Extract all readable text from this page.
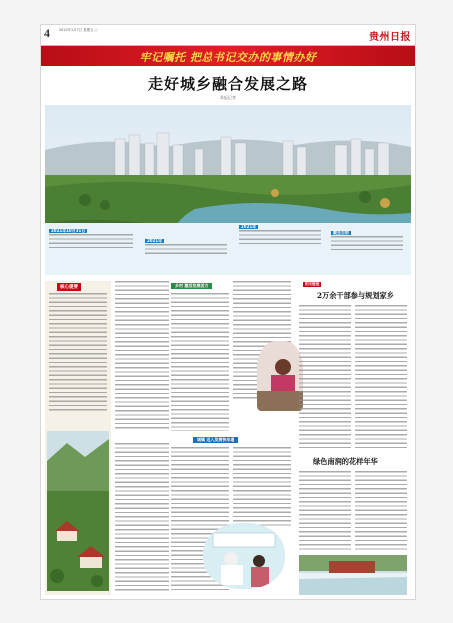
4	2022年1月7日 星期五 ○
贵州日报
牢记嘱托 把总书记交办的事情办好
走好城乡融合发展之路
本报记者
2021年10月31日
2021年
2021年
截至目前
核心提要	乡村 激活发展活力
城镇 迈入发展快车道
相关链接
2万余干部参与规划家乡
绿色南润的花样年华
